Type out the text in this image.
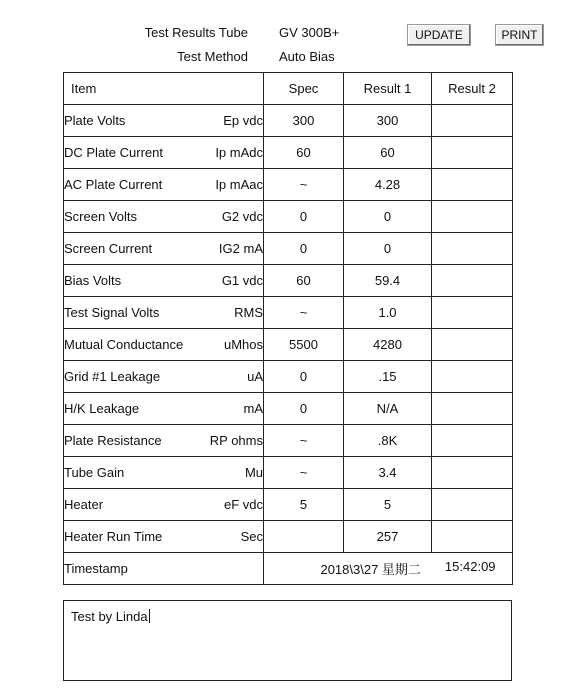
Test Results Tube GV 300B+
Test Method Auto Bias
UPDATE	PRINT
Item	Spec	Result 1	Result 2

Plate Volts Ep vdc	300	300	

DC Plate Current Ip mAdc	60	60	

AC Plate Current Ip mAac	~	4.28	

Screen Volts G2 vdc	0	0	

Screen Current IG2 mA	0	0	

Bias Volts G1 vdc	60	59.4	

Test Signal Volts RMS	~	1.0	

Mutual Conductance uMhos	5500	4280	

Grid #1 Leakage uA	0	.15	

H/K Leakage mA	0	N/A	

Plate Resistance RP ohms	~	.8K	

Tube Gain Mu	~	3.4	

Heater eF vdc	5	5	

Heater Run Time Sec		257	
Timestamp	2018\3\27 星期二 15:42:09		
Test by Linda
